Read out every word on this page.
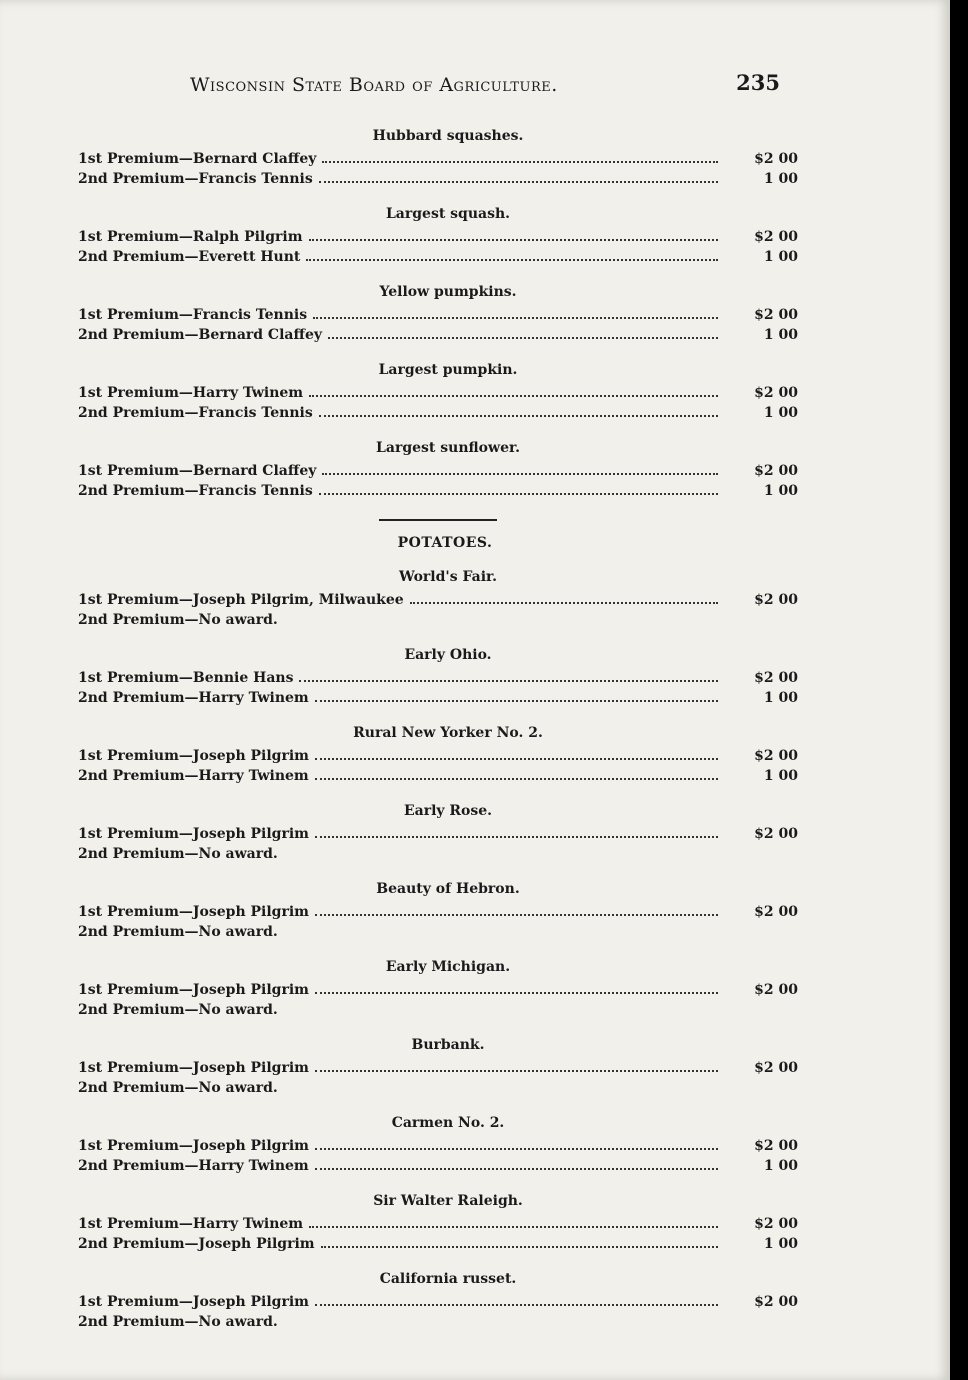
Wisconsin State Board of Agriculture.	235
Hubbard squashes.
1st Premium—Bernard Claffey	$2 00
2nd Premium—Francis Tennis	1 00
Largest squash.
1st Premium—Ralph Pilgrim	$2 00
2nd Premium—Everett Hunt	1 00
Yellow pumpkins.
1st Premium—Francis Tennis	$2 00
2nd Premium—Bernard Claffey	1 00
Largest pumpkin.
1st Premium—Harry Twinem	$2 00
2nd Premium—Francis Tennis	1 00
Largest sunflower.
1st Premium—Bernard Claffey	$2 00
2nd Premium—Francis Tennis	1 00
POTATOES.
World's Fair.
1st Premium—Joseph Pilgrim, Milwaukee	$2 00
2nd Premium—No award.
Early Ohio.
1st Premium—Bennie Hans	$2 00
2nd Premium—Harry Twinem	1 00
Rural New Yorker No. 2.
1st Premium—Joseph Pilgrim	$2 00
2nd Premium—Harry Twinem	1 00
Early Rose.
1st Premium—Joseph Pilgrim	$2 00
2nd Premium—No award.
Beauty of Hebron.
1st Premium—Joseph Pilgrim	$2 00
2nd Premium—No award.
Early Michigan.
1st Premium—Joseph Pilgrim	$2 00
2nd Premium—No award.
Burbank.
1st Premium—Joseph Pilgrim	$2 00
2nd Premium—No award.
Carmen No. 2.
1st Premium—Joseph Pilgrim	$2 00
2nd Premium—Harry Twinem	1 00
Sir Walter Raleigh.
1st Premium—Harry Twinem	$2 00
2nd Premium—Joseph Pilgrim	1 00
California russet.
1st Premium—Joseph Pilgrim	$2 00
2nd Premium—No award.
